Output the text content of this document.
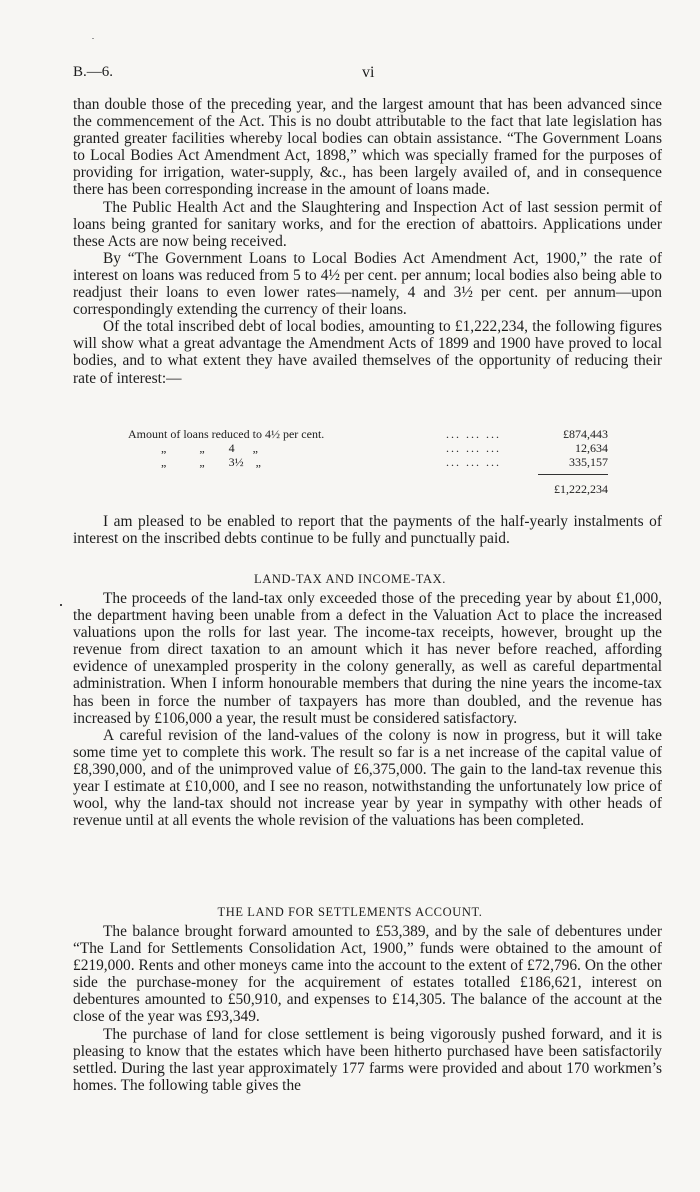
B.—6.	vi

than double those of the preceding year, and the largest amount that has been advanced since the commencement of the Act. This is no doubt attributable to the fact that late legislation has granted greater facilities whereby local bodies can obtain assistance. “The Government Loans to Local Bodies Act Amendment Act, 1898,” which was specially framed for the purposes of providing for irrigation, water-supply, &c., has been largely availed of, and in consequence there has been corresponding increase in the amount of loans made.

The Public Health Act and the Slaughtering and Inspection Act of last session permit of loans being granted for sanitary works, and for the erection of abattoirs. Applications under these Acts are now being received.

By “The Government Loans to Local Bodies Act Amendment Act, 1900,” the rate of interest on loans was reduced from 5 to 4½ per cent. per annum; local bodies also being able to readjust their loans to even lower rates—namely, 4 and 3½ per cent. per annum—upon correspondingly extending the currency of their loans.

Of the total inscribed debt of local bodies, amounting to £1,222,234, the following figures will show what a great advantage the Amendment Acts of 1899 and 1900 have proved to local bodies, and to what extent they have availed themselves of the opportunity of reducing their rate of interest:—

Amount of loans reduced to 4½ per cent.	... ... ...	£874,443
„           „        4      „	... ... ...	12,634
„           „        3½    „	... ... ...	335,157
£1,222,234

I am pleased to be enabled to report that the payments of the half-yearly instalments of interest on the inscribed debts continue to be fully and punctually paid.

LAND-TAX AND INCOME-TAX.

The proceeds of the land-tax only exceeded those of the preceding year by about £1,000, the department having been unable from a defect in the Valuation Act to place the increased valuations upon the rolls for last year. The income-tax receipts, however, brought up the revenue from direct taxation to an amount which it has never before reached, affording evidence of unexampled prosperity in the colony generally, as well as careful departmental administration. When I inform honourable members that during the nine years the income-tax has been in force the number of taxpayers has more than doubled, and the revenue has increased by £106,000 a year, the result must be considered satisfactory.

A careful revision of the land-values of the colony is now in progress, but it will take some time yet to complete this work. The result so far is a net increase of the capital value of £8,390,000, and of the unimproved value of £6,375,000. The gain to the land-tax revenue this year I estimate at £10,000, and I see no reason, notwithstanding the unfortunately low price of wool, why the land-tax should not increase year by year in sympathy with other heads of revenue until at all events the whole revision of the valuations has been completed.

THE LAND FOR SETTLEMENTS ACCOUNT.

The balance brought forward amounted to £53,389, and by the sale of debentures under “The Land for Settlements Consolidation Act, 1900,” funds were obtained to the amount of £219,000. Rents and other moneys came into the account to the extent of £72,796. On the other side the purchase-money for the acquirement of estates totalled £186,621, interest on debentures amounted to £50,910, and expenses to £14,305. The balance of the account at the close of the year was £93,349.

The purchase of land for close settlement is being vigorously pushed forward, and it is pleasing to know that the estates which have been hitherto purchased have been satisfactorily settled. During the last year approximately 177 farms were provided and about 170 workmen’s homes. The following table gives the
